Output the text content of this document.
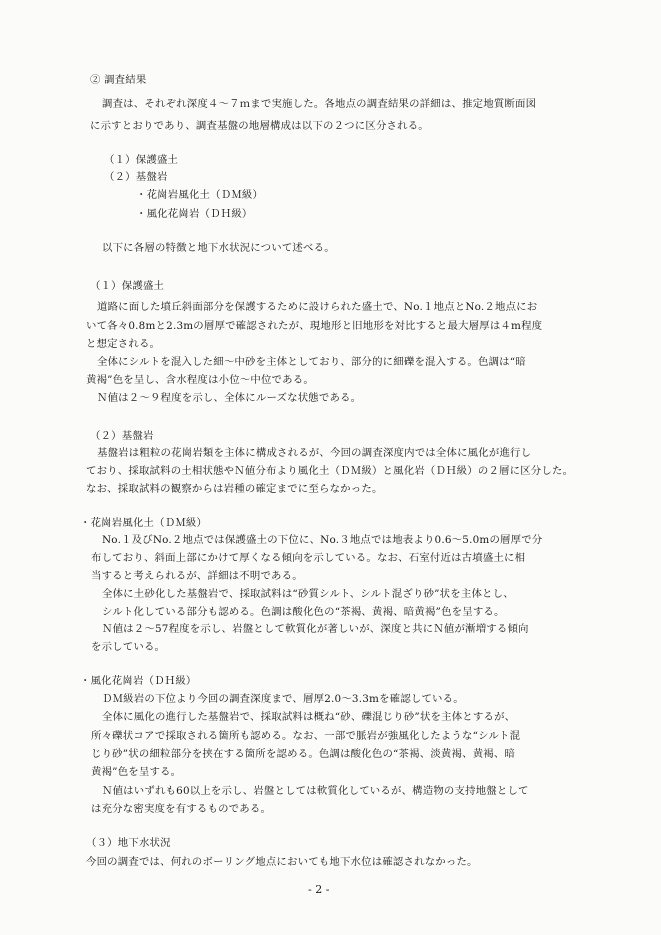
② 調査結果
調査は、それぞれ深度４～７ｍまで実施した。各地点の調査結果の詳細は、推定地質断面図
に示すとおりであり、調査基盤の地層構成は以下の２つに区分される。
（１）保護盛土
（２）基盤岩
・花崗岩風化土（ＤＭ級）
・風化花崗岩（ＤＨ級）
以下に各層の特徴と地下水状況について述べる。
（１）保護盛土
道路に面した墳丘斜面部分を保護するために設けられた盛土で、No.１地点とNo.２地点にお
いて各々0.8mと2.3mの層厚で確認されたが、現地形と旧地形を対比すると最大層厚は４m程度
と想定される。
全体にシルトを混入した細～中砂を主体としており、部分的に細礫を混入する。色調は“暗
黄褐”色を呈し、含水程度は小位～中位である。
Ｎ値は２～９程度を示し、全体にルーズな状態である。
（２）基盤岩
基盤岩は粗粒の花崗岩類を主体に構成されるが、今回の調査深度内では全体に風化が進行し
ており、採取試料の土相状態やＮ値分布より風化土（ＤＭ級）と風化岩（ＤＨ級）の２層に区分した。
なお、採取試料の観察からは岩種の確定までに至らなかった。
・花崗岩風化土（ＤＭ級）
No.１及びNo.２地点では保護盛土の下位に、No.３地点では地表より0.6～5.0mの層厚で分
布しており、斜面上部にかけて厚くなる傾向を示している。なお、石室付近は古墳盛土に相
当すると考えられるが、詳細は不明である。
全体に土砂化した基盤岩で、採取試料は“砂質シルト、シルト混ざり砂”状を主体とし、
シルト化している部分も認める。色調は酸化色の“茶褐、黄褐、暗黄褐”色を呈する。
Ｎ値は２～57程度を示し、岩盤として軟質化が著しいが、深度と共にＮ値が漸増する傾向
を示している。
・風化花崗岩（ＤＨ級）
ＤＭ級岩の下位より今回の調査深度まで、層厚2.0～3.3mを確認している。
全体に風化の進行した基盤岩で、採取試料は概ね“砂、礫混じり砂”状を主体とするが、
所々礫状コアで採取される箇所も認める。なお、一部で脈岩が強風化したような“シルト混
じり砂”状の細粒部分を挟在する箇所を認める。色調は酸化色の“茶褐、淡黄褐、黄褐、暗
黄褐”色を呈する。
Ｎ値はいずれも60以上を示し、岩盤としては軟質化しているが、構造物の支持地盤として
は充分な密実度を有するものである。
（３）地下水状況
今回の調査では、何れのボーリング地点においても地下水位は確認されなかった。
- 2 -
